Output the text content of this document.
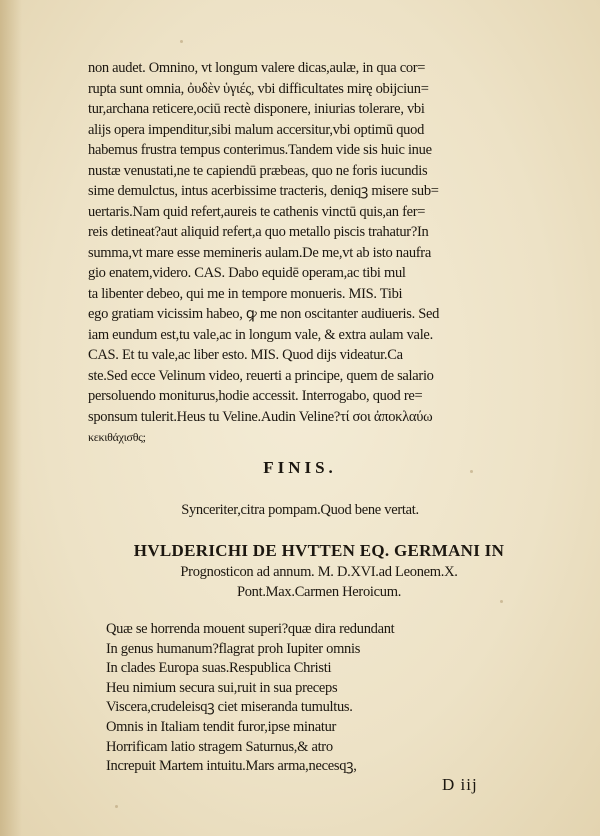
non audet. Omnino, vt longum valere dicas,aulæ, in qua cor=

rupta sunt omnia, ὀυδὲν ὑγιές, vbi difficultates mirę obijciun=

tur,archana reticere,ociū rectè disponere, iniurias tolerare, vbi

alijs opera impenditur,sibi malum accersitur,vbi optimū quod

habemus frustra tempus conterimus.Tandem vide sis huic inue

nustæ venustati,ne te capiendū præbeas, quo ne foris iucundis

sime demulctus, intus acerbissime tracteris, deniqꝫ misere sub=

uertaris.Nam quid refert,aureis te cathenis vinctū quis,an fer=

reis detineat?aut aliquid refert,a quo metallo piscis trahatur?In

summa,vt mare esse memineris aulam.De me,vt ab isto naufra

gio enatem,videro. CAS. Dabo equidē operam,ac tibi mul

ta libenter debeo, qui me in tempore monueris. MIS. Tibi

ego gratiam vicissim habeo, ꝙ me non oscitanter audiueris. Sed

iam eundum est,tu vale,ac in longum vale, & extra aulam vale.

CAS. Et tu vale,ac liber esto. MIS. Quod dijs videatur.Ca

ste.Sed ecce Velinum video, reuerti a principe, quem de salario

persoluendo moniturus,hodie accessit. Interrogabo, quod re=

sponsum tulerit.Heus tu Veline.Audin Veline?τί σοι ἀποκλαύω

κεκιθάχισθς;

FINIS.
Synceriter,citra pompam.Quod bene vertat.

HVLDERICHI DE HVTTEN EQ. GERMANI IN

Prognosticon ad annum. M. D.XVI.ad Leonem.X.

Pont.Max.Carmen Heroicum.

Quæ se horrenda mouent superi?quæ dira redundant

In genus humanum?flagrat proh Iupiter omnis

In clades Europa suas.Respublica Christi

Heu nimium secura sui,ruit in sua preceps

Viscera,crudeleisqꝫ ciet miseranda tumultus.

Omnis in Italiam tendit furor,ipse minatur

Horrificam latio stragem Saturnus,& atro

Increpuit Martem intuitu.Mars arma,necesqꝫ,

D iij
